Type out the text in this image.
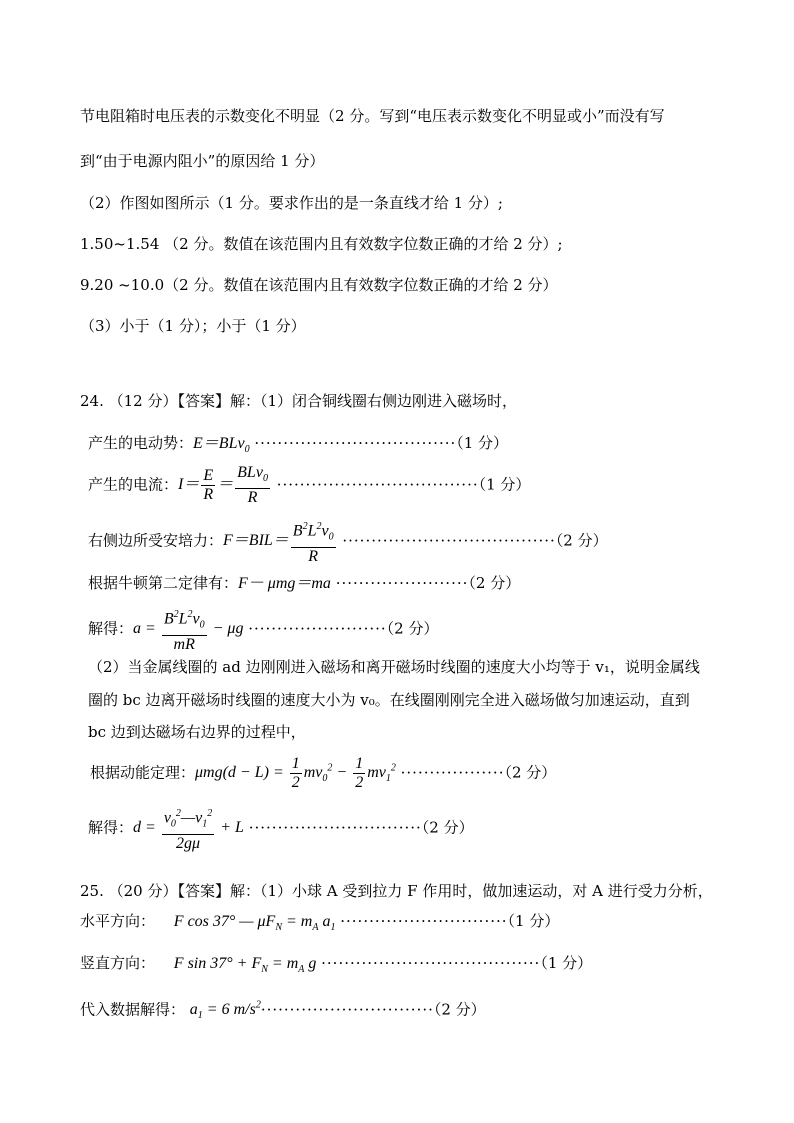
节电阻箱时电压表的示数变化不明显（2 分。写到“电压表示数变化不明显或小”而没有写
到“由于电源内阻小”的原因给 1 分）
（2）作图如图所示（1 分。要求作出的是一条直线才给 1 分）;
1.50~1.54 （2 分。数值在该范围内且有效数字位数正确的才给 2 分）;
9.20 ~10.0（2 分。数值在该范围内且有效数字位数正确的才给 2 分）
（3）小于（1 分）；小于（1 分）
24. （12 分）【答案】解：（1）闭合铜线圈右侧边刚进入磁场时，
产生的电动势：E＝BLv$_0$ ···································（1 分）
产生的电流：$I= \frac{E}{R} = \frac{BLv_0}{R} \cdot\cdot\cdot\cdot\cdot\cdot\cdot\cdot\cdot\cdot\cdot\cdot\cdot\cdot\cdot\cdot\cdot\cdot\cdot\cdot\cdot\cdot\cdot\cdot\cdot\cdot\cdot\cdot\cdot\cdot\cdot\cdot\cdot\cdot\cdot(1$ 分）
右侧边所受安培力：$F=BIL= \frac{B^2L^2v_0}{R} \cdot\cdot\cdot\cdot\cdot\cdot\cdot\cdot\cdot\cdot\cdot\cdot\cdot\cdot\cdot\cdot\cdot\cdot\cdot\cdot\cdot\cdot\cdot\cdot\cdot\cdot\cdot\cdot\cdot\cdot\cdot\cdot\cdot\cdot\cdot\cdot\cdot(2$ 分）
根据牛顿第二定律有：F－ μmg＝ma ·······················（2 分）
解得：$a = \frac{B^2L^2v_0}{mR} - \mu g \cdot\cdot\cdot\cdot\cdot\cdot\cdot\cdot\cdot\cdot\cdot\cdot\cdot\cdot\cdot\cdot\cdot\cdot\cdot\cdot\cdot\cdot\cdot\cdot(2$ 分）
（2）当金属线圈的 ad 边刚刚进入磁场和离开磁场时线圈的速度大小均等于 v₁，说明金属线
圈的 bc 边离开磁场时线圈的速度大小为 v₀。在线圈刚刚完全进入磁场做匀加速运动，直到
bc 边到达磁场右边界的过程中，
根据动能定理：$\mu mg(d - L) = \frac{1}{2} mv_0^2 - \frac{1}{2} mv_1^2 \cdot\cdot\cdot\cdot\cdot\cdot\cdot\cdot\cdot\cdot\cdot\cdot\cdot\cdot\cdot\cdot\cdot\cdot(2$ 分）
解得：$d = \frac{v_0^2—v_1^2}{2g\mu} + L \cdot\cdot\cdot\cdot\cdot\cdot\cdot\cdot\cdot\cdot\cdot\cdot\cdot\cdot\cdot\cdot\cdot\cdot\cdot\cdot\cdot\cdot\cdot\cdot\cdot\cdot\cdot\cdot\cdot\cdot(2$ 分）
25. （20 分）【答案】解：（1）小球 A 受到拉力 F 作用时，做加速运动，对 A 进行受力分析，
水平方向： F cos 37° — $\mu F_N = m_A$ $a_1 \cdot\cdot\cdot\cdot\cdot\cdot\cdot\cdot\cdot\cdot\cdot\cdot\cdot\cdot\cdot\cdot\cdot\cdot\cdot\cdot\cdot\cdot\cdot\cdot\cdot\cdot\cdot\cdot\cdot(1$ 分）
竖直方向： F $\sin 37^\circ + F_N = m_A$ g ······································（1 分）
代入数据解得： $a_1 = 6$ $m/s^2\cdot\cdot\cdot\cdot\cdot\cdot\cdot\cdot\cdot\cdot\cdot\cdot\cdot\cdot\cdot\cdot\cdot\cdot\cdot\cdot\cdot\cdot\cdot\cdot\cdot\cdot\cdot\cdot\cdot\cdot(2$ 分）
